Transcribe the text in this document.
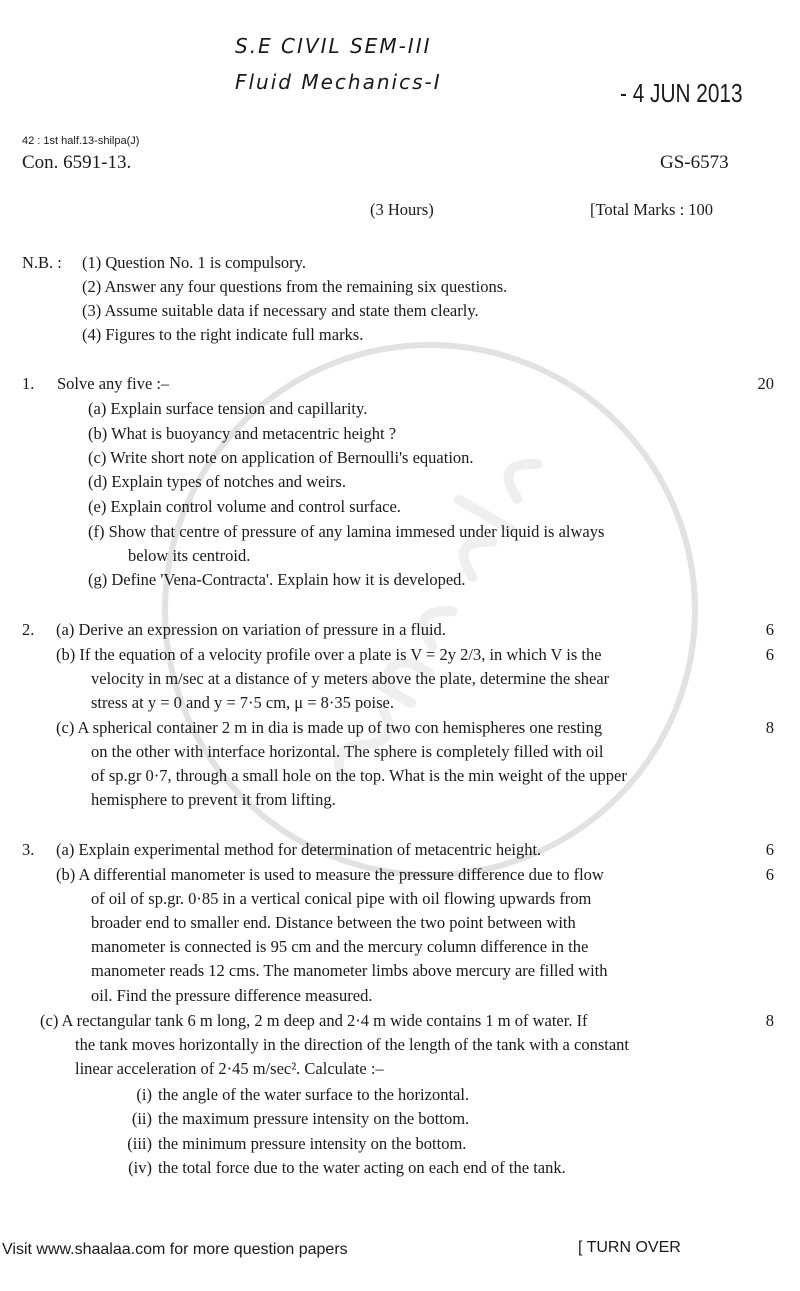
S.E CIVIL SEM-III
Fluid Mechanics-I	- 4 JUN 2013
42 : 1st half.13-shilpa(J)
Con. 6591-13.	GS-6573
(3 Hours)	[Total Marks : 100
N.B. : (1) Question No. 1 is compulsory.
(2) Answer any four questions from the remaining six questions.
(3) Assume suitable data if necessary and state them clearly.
(4) Figures to the right indicate full marks.
1. Solve any five :–	20
(a) Explain surface tension and capillarity.
(b) What is buoyancy and metacentric height ?
(c) Write short note on application of Bernoulli's equation.
(d) Explain types of notches and weirs.
(e) Explain control volume and control surface.
(f) Show that centre of pressure of any lamina immesed under liquid is always
below its centroid.
(g) Define 'Vena-Contracta'. Explain how it is developed.
2. (a) Derive an expression on variation of pressure in a fluid.	6
(b) If the equation of a velocity profile over a plate is V = 2y 2/3, in which V is the	6
velocity in m/sec at a distance of y meters above the plate, determine the shear
stress at y = 0 and y = 7·5 cm, μ = 8·35 poise.
(c) A spherical container 2 m in dia is made up of two con hemispheres one resting	8
on the other with interface horizontal. The sphere is completely filled with oil
of sp.gr 0·7, through a small hole on the top. What is the min weight of the upper
hemisphere to prevent it from lifting.
3. (a) Explain experimental method for determination of metacentric height.	6
(b) A differential manometer is used to measure the pressure difference due to flow	6
of oil of sp.gr. 0·85 in a vertical conical pipe with oil flowing upwards from
broader end to smaller end. Distance between the two point between with
manometer is connected is 95 cm and the mercury column difference in the
manometer reads 12 cms. The manometer limbs above mercury are filled with
oil. Find the pressure difference measured.
(c) A rectangular tank 6 m long, 2 m deep and 2·4 m wide contains 1 m of water. If	8
the tank moves horizontally in the direction of the length of the tank with a constant
linear acceleration of 2·45 m/sec². Calculate :–
(i) the angle of the water surface to the horizontal.
(ii) the maximum pressure intensity on the bottom.
(iii) the minimum pressure intensity on the bottom.
(iv) the total force due to the water acting on each end of the tank.
Visit www.shaalaa.com for more question papers	[ TURN OVER
